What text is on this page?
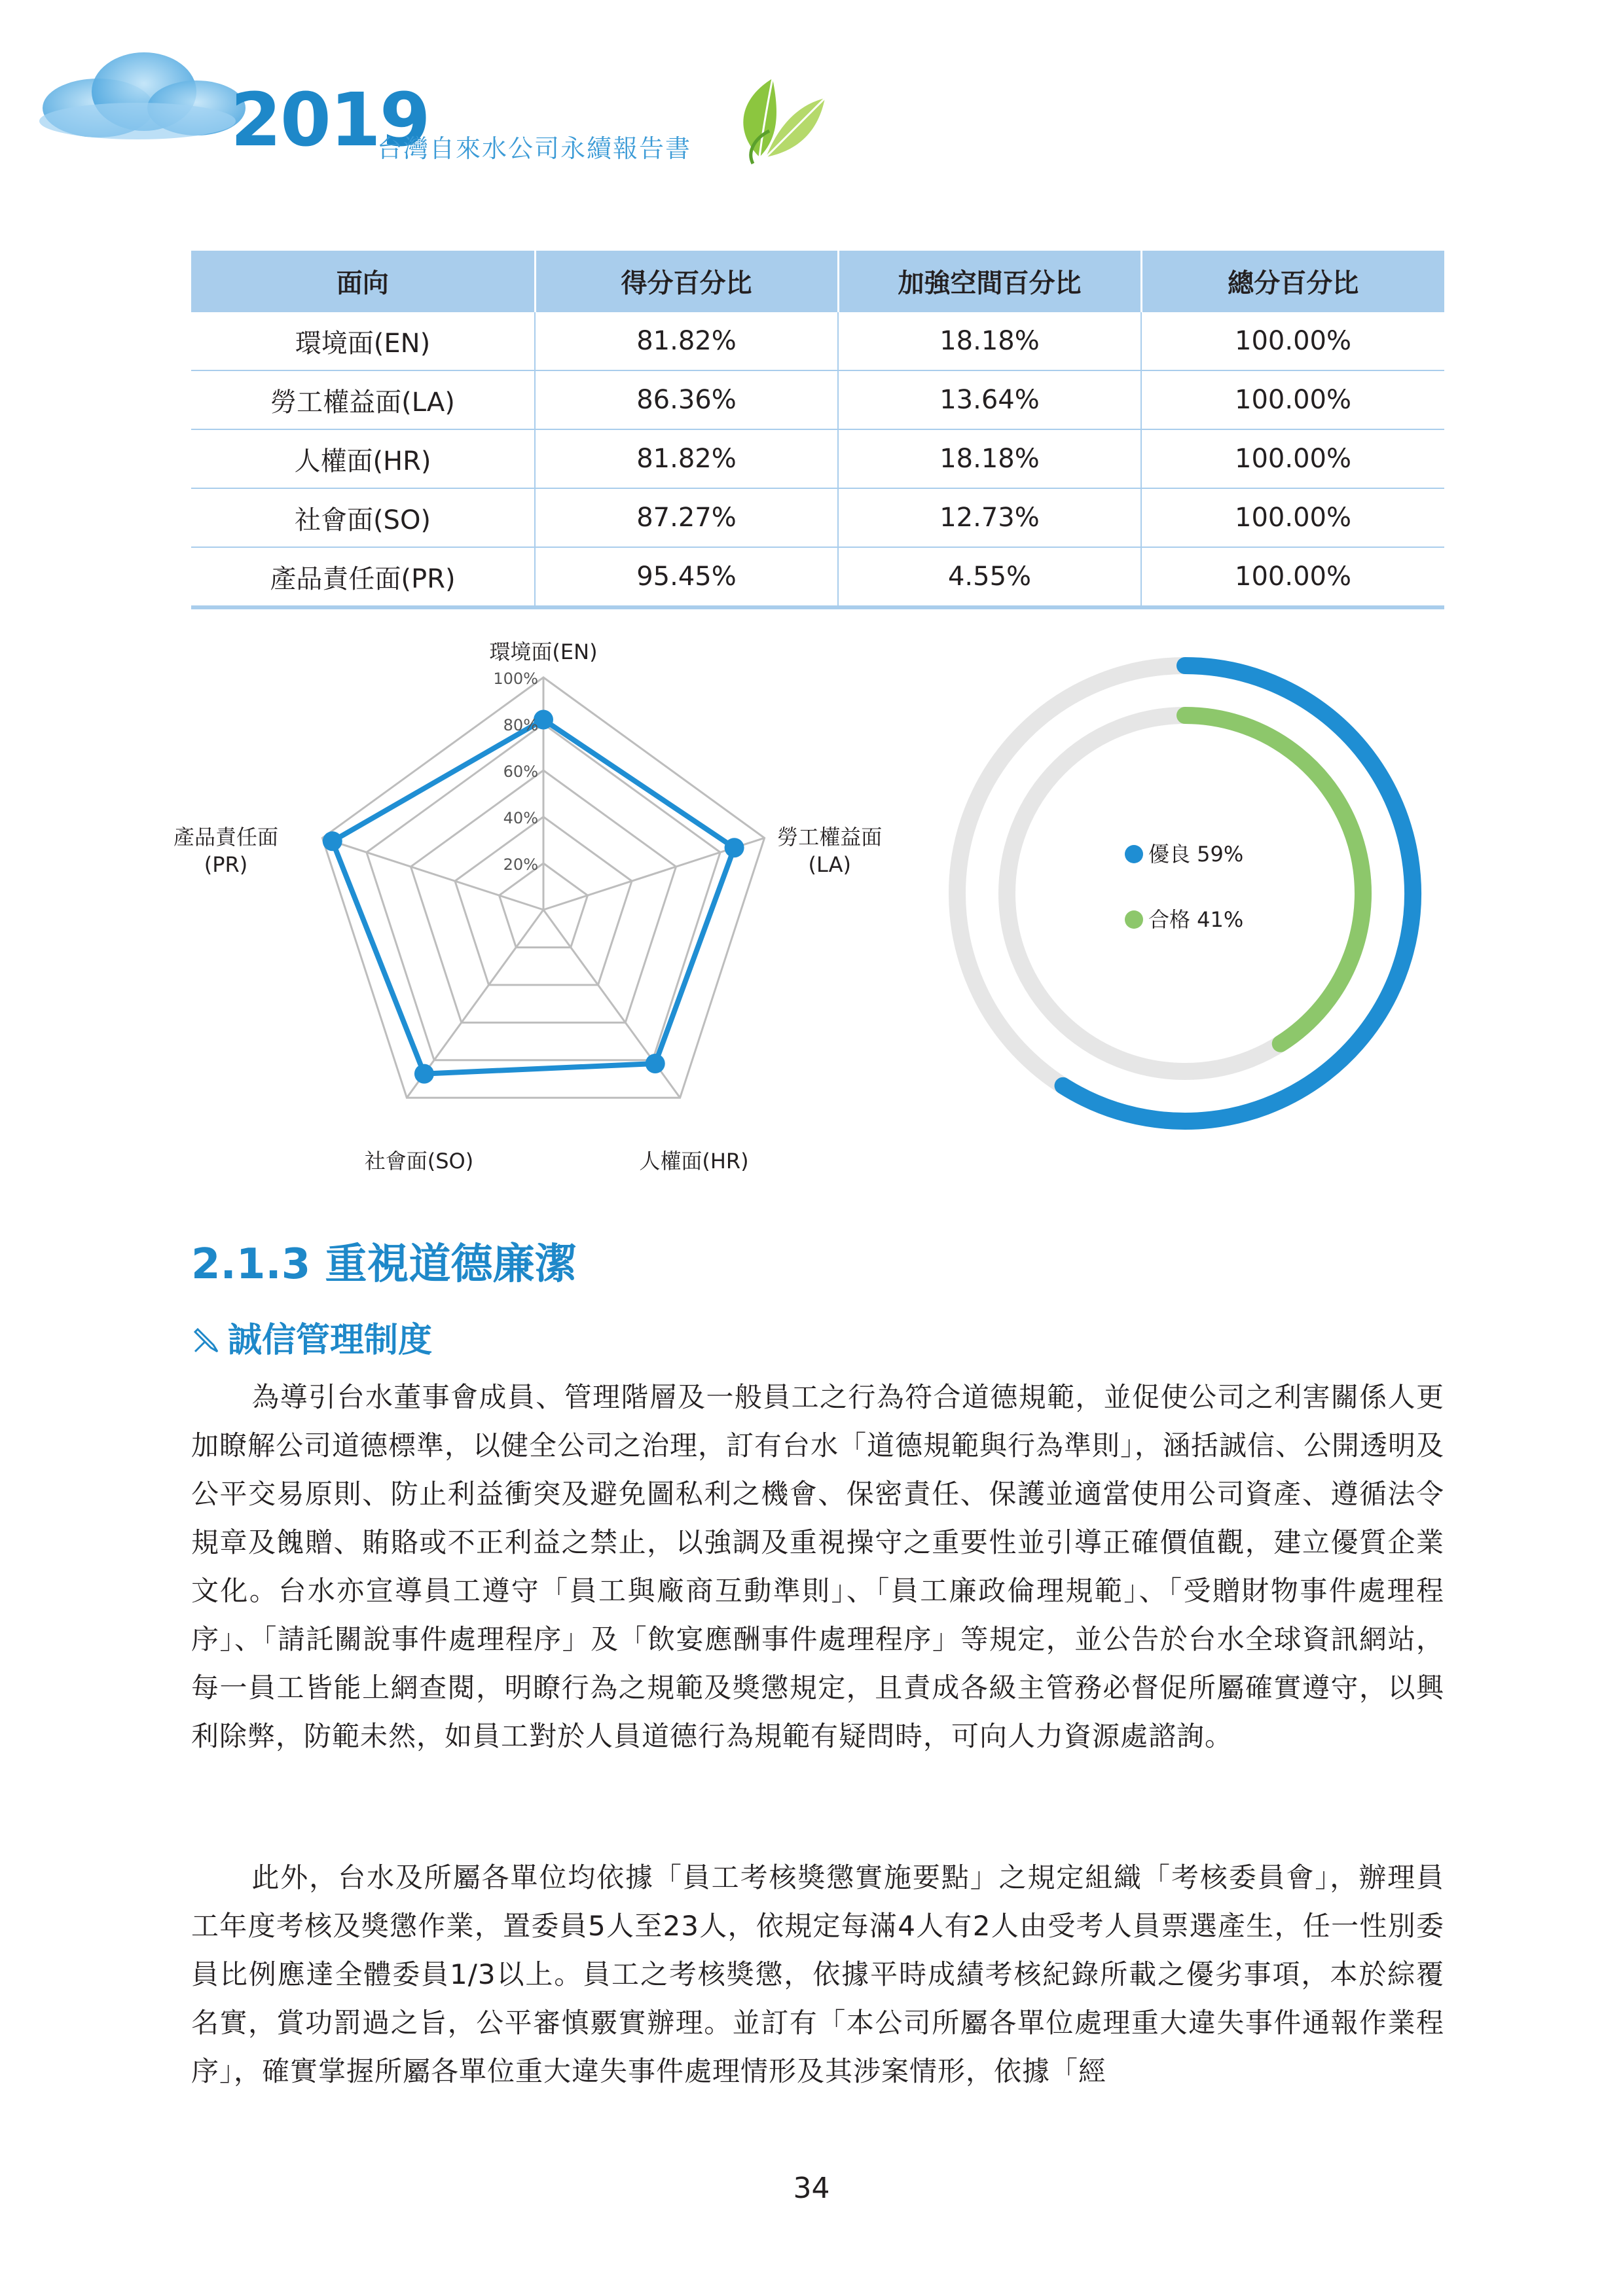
2019
台灣自來水公司永續報告書
面向	得分百分比	加強空間百分比	總分百分比
環境面(EN)	81.82%	18.18%	100.00%
勞工權益面(LA)	86.36%	13.64%	100.00%
人權面(HR)	81.82%	18.18%	100.00%
社會面(SO)	87.27%	12.73%	100.00%
產品責任面(PR)	95.45%	4.55%	100.00%
20%
40%
60%
80%
100%
環境面(EN)
勞工權益面
(LA)
人權面(HR)
社會面(SO)
產品責任面
(PR)	優良 59%
合格 41%
2.1.3 重視道德廉潔
誠信管理制度

為導引台水董事會成員、管理階層及一般員工之行為符合道德規範，並促使公司之利害關係人更加瞭解公司道德標準，以健全公司之治理，訂有台水「道德規範與行為準則」，涵括誠信、公開透明及公平交易原則、防止利益衝突及避免圖私利之機會、保密責任、保護並適當使用公司資產、遵循法令規章及餽贈、賄賂或不正利益之禁止，以強調及重視操守之重要性並引導正確價值觀，建立優質企業文化。台水亦宣導員工遵守「員工與廠商互動準則」、「員工廉政倫理規範」、「受贈財物事件處理程序」、「請託關說事件處理程序」及「飲宴應酬事件處理程序」等規定，並公告於台水全球資訊網站，每一員工皆能上網查閱，明瞭行為之規範及獎懲規定，且責成各級主管務必督促所屬確實遵守，以興利除弊，防範未然，如員工對於人員道德行為規範有疑問時，可向人力資源處諮詢。

此外，台水及所屬各單位均依據「員工考核獎懲實施要點」之規定組織「考核委員會」，辦理員工年度考核及獎懲作業，置委員5人至23人，依規定每滿4人有2人由受考人員票選產生，任一性別委員比例應達全體委員1/3以上。員工之考核獎懲，依據平時成績考核紀錄所載之優劣事項，本於綜覆名實，賞功罰過之旨，公平審慎覈實辦理。並訂有「本公司所屬各單位處理重大違失事件通報作業程序」，確實掌握所屬各單位重大違失事件處理情形及其涉案情形，依據「經

34
